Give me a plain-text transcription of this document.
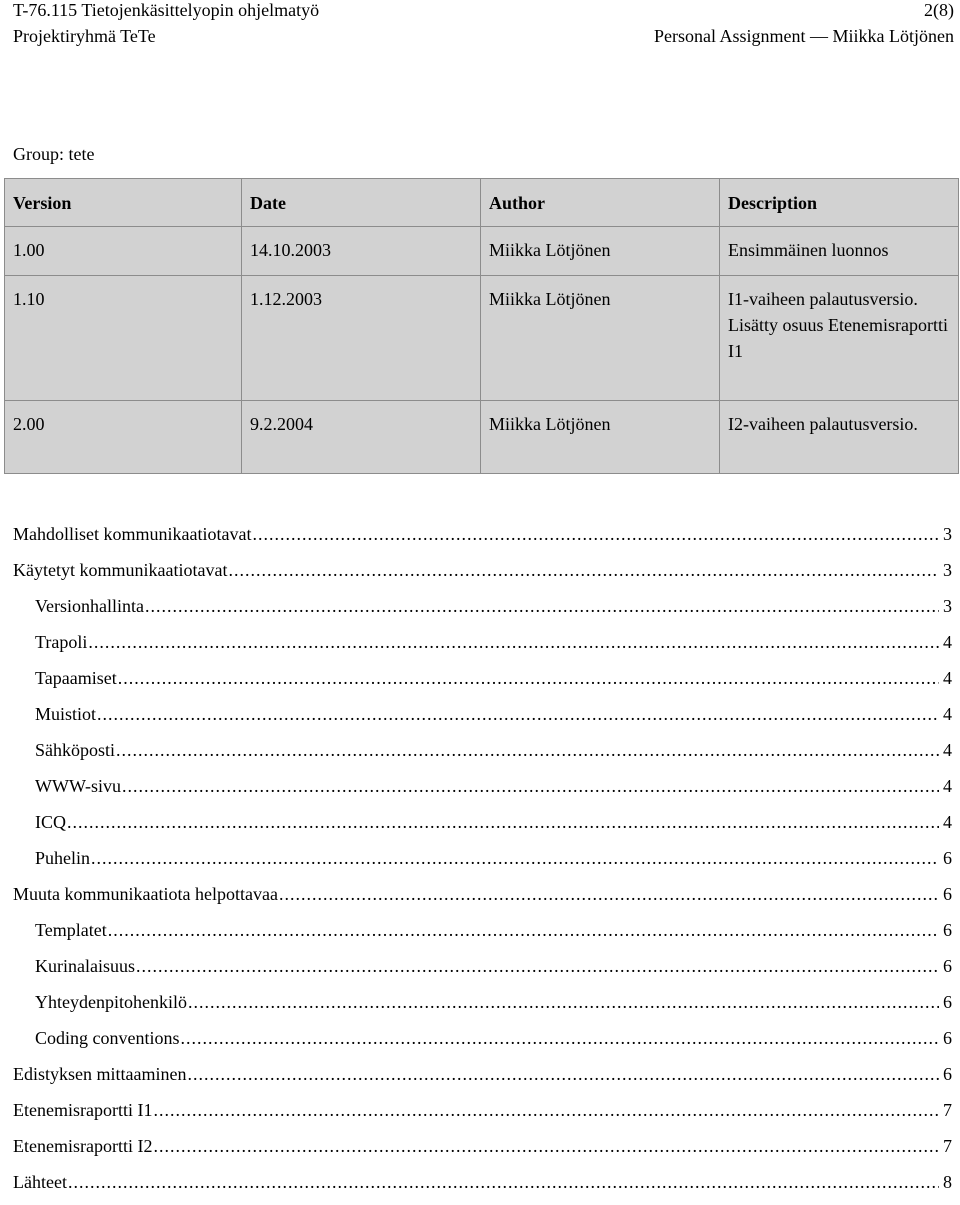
T-76.115 Tietojenkäsittelyopin ohjelmatyö	2(8)
Projektiryhmä TeTe	Personal Assignment — Miikka Lötjönen
Group: tete
Version	Date	Author	Description
1.00	14.10.2003	Miikka Lötjönen	Ensimmäinen luonnos
1.10	1.12.2003	Miikka Lötjönen	I1-vaiheen palautusversio. Lisätty osuus Etenemisraportti I1
2.00	9.2.2004	Miikka Lötjönen	I2-vaiheen palautusversio.
Mahdolliset kommunikaatiotavat .....	3
Käytetyt kommunikaatiotavat .....	3
Versionhallinta .....	3
Trapoli .....	4
Tapaamiset .....	4
Muistiot .....	4
Sähköposti .....	4
WWW-sivu .....	4
ICQ .....	4
Puhelin .....	6
Muuta kommunikaatiota helpottavaa .....	6
Templatet .....	6
Kurinalaisuus .....	6
Yhteydenpitohenkilö .....	6
Coding conventions .....	6
Edistyksen mittaaminen .....	6
Etenemisraportti I1 .....	7
Etenemisraportti I2 .....	7
Lähteet .....	8
